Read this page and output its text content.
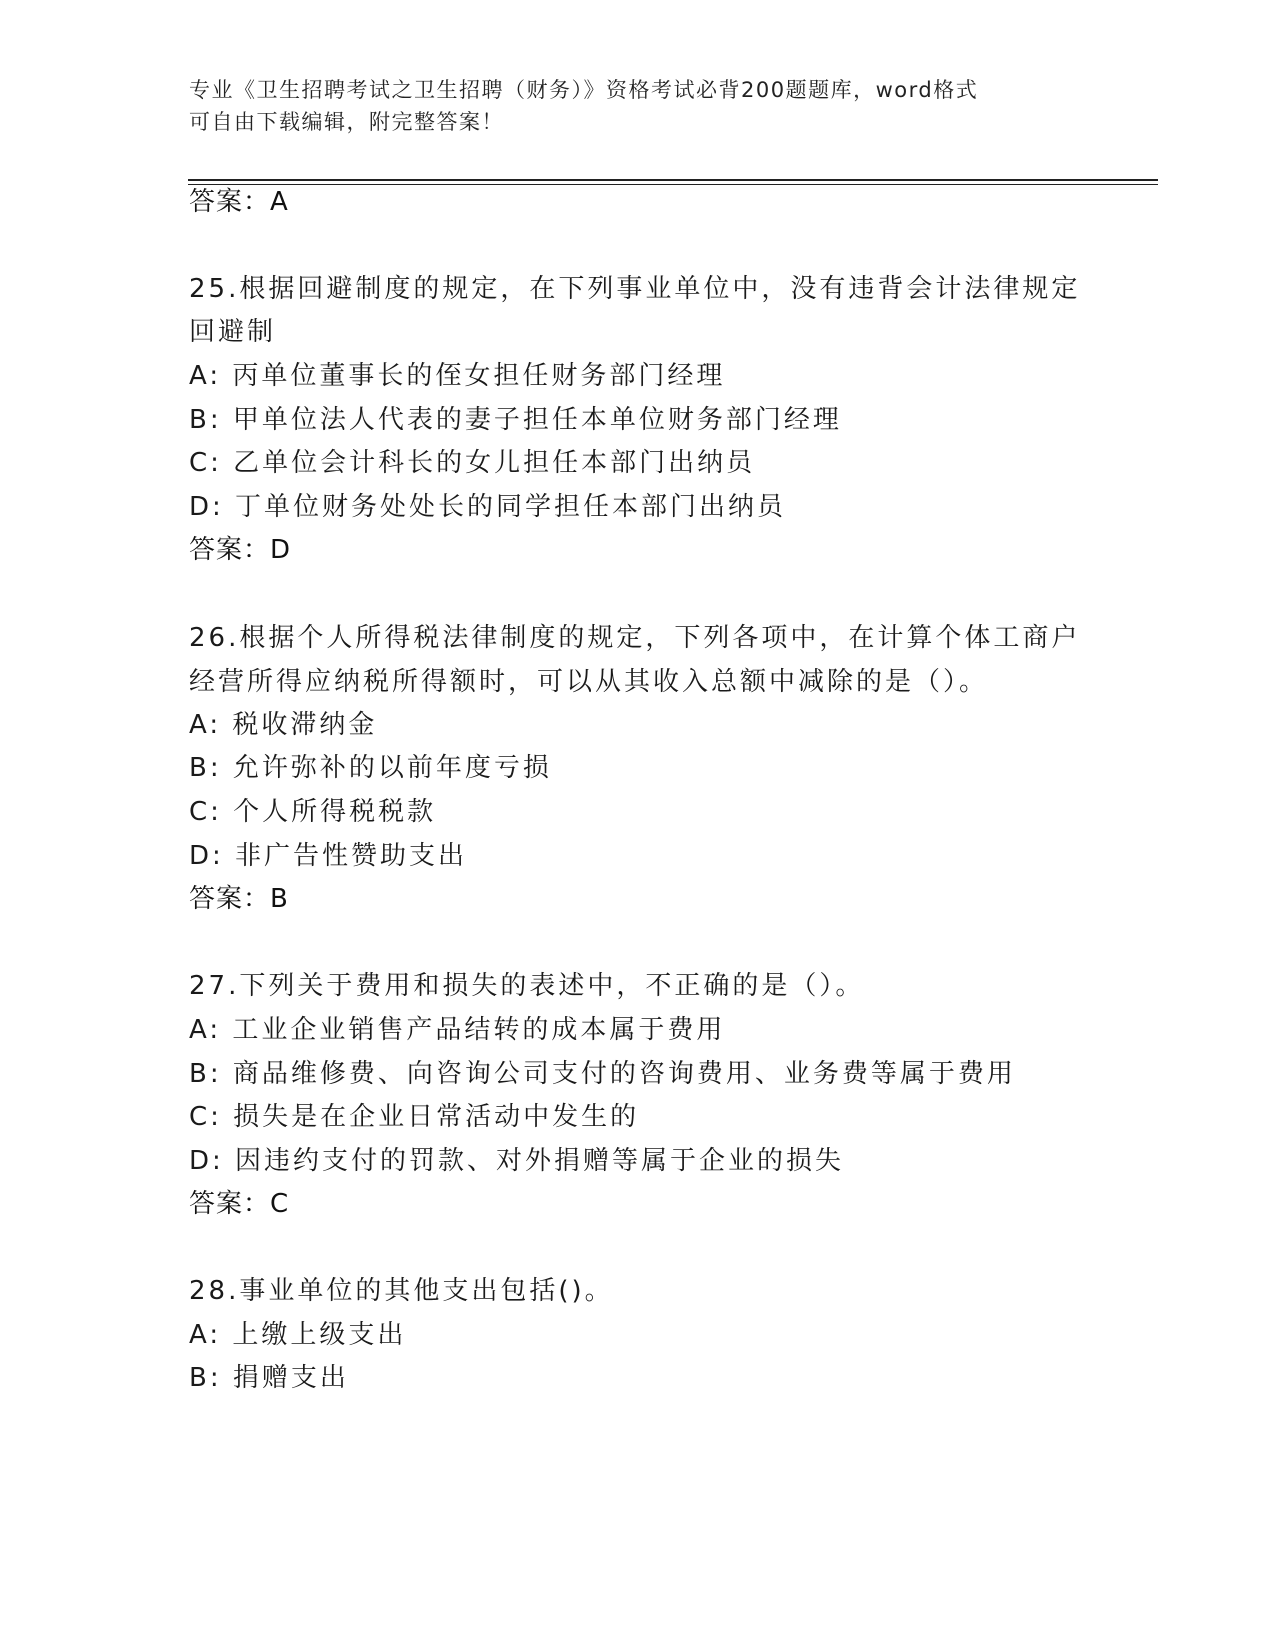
专业《卫生招聘考试之卫生招聘（财务）》资格考试必背200题题库，word格式
可自由下载编辑，附完整答案！
答案：A
25.根据回避制度的规定，在下列事业单位中，没有违背会计法律规定
回避制
A: 丙单位董事长的侄女担任财务部门经理
B: 甲单位法人代表的妻子担任本单位财务部门经理
C: 乙单位会计科长的女儿担任本部门出纳员
D: 丁单位财务处处长的同学担任本部门出纳员
答案：D
26.根据个人所得税法律制度的规定，下列各项中，在计算个体工商户
经营所得应纳税所得额时，可以从其收入总额中减除的是（）。
A: 税收滞纳金
B: 允许弥补的以前年度亏损
C: 个人所得税税款
D: 非广告性赞助支出
答案：B
27.下列关于费用和损失的表述中，不正确的是（）。
A: 工业企业销售产品结转的成本属于费用
B: 商品维修费、向咨询公司支付的咨询费用、业务费等属于费用
C: 损失是在企业日常活动中发生的
D: 因违约支付的罚款、对外捐赠等属于企业的损失
答案：C
28.事业单位的其他支出包括()。
A: 上缴上级支出
B: 捐赠支出
